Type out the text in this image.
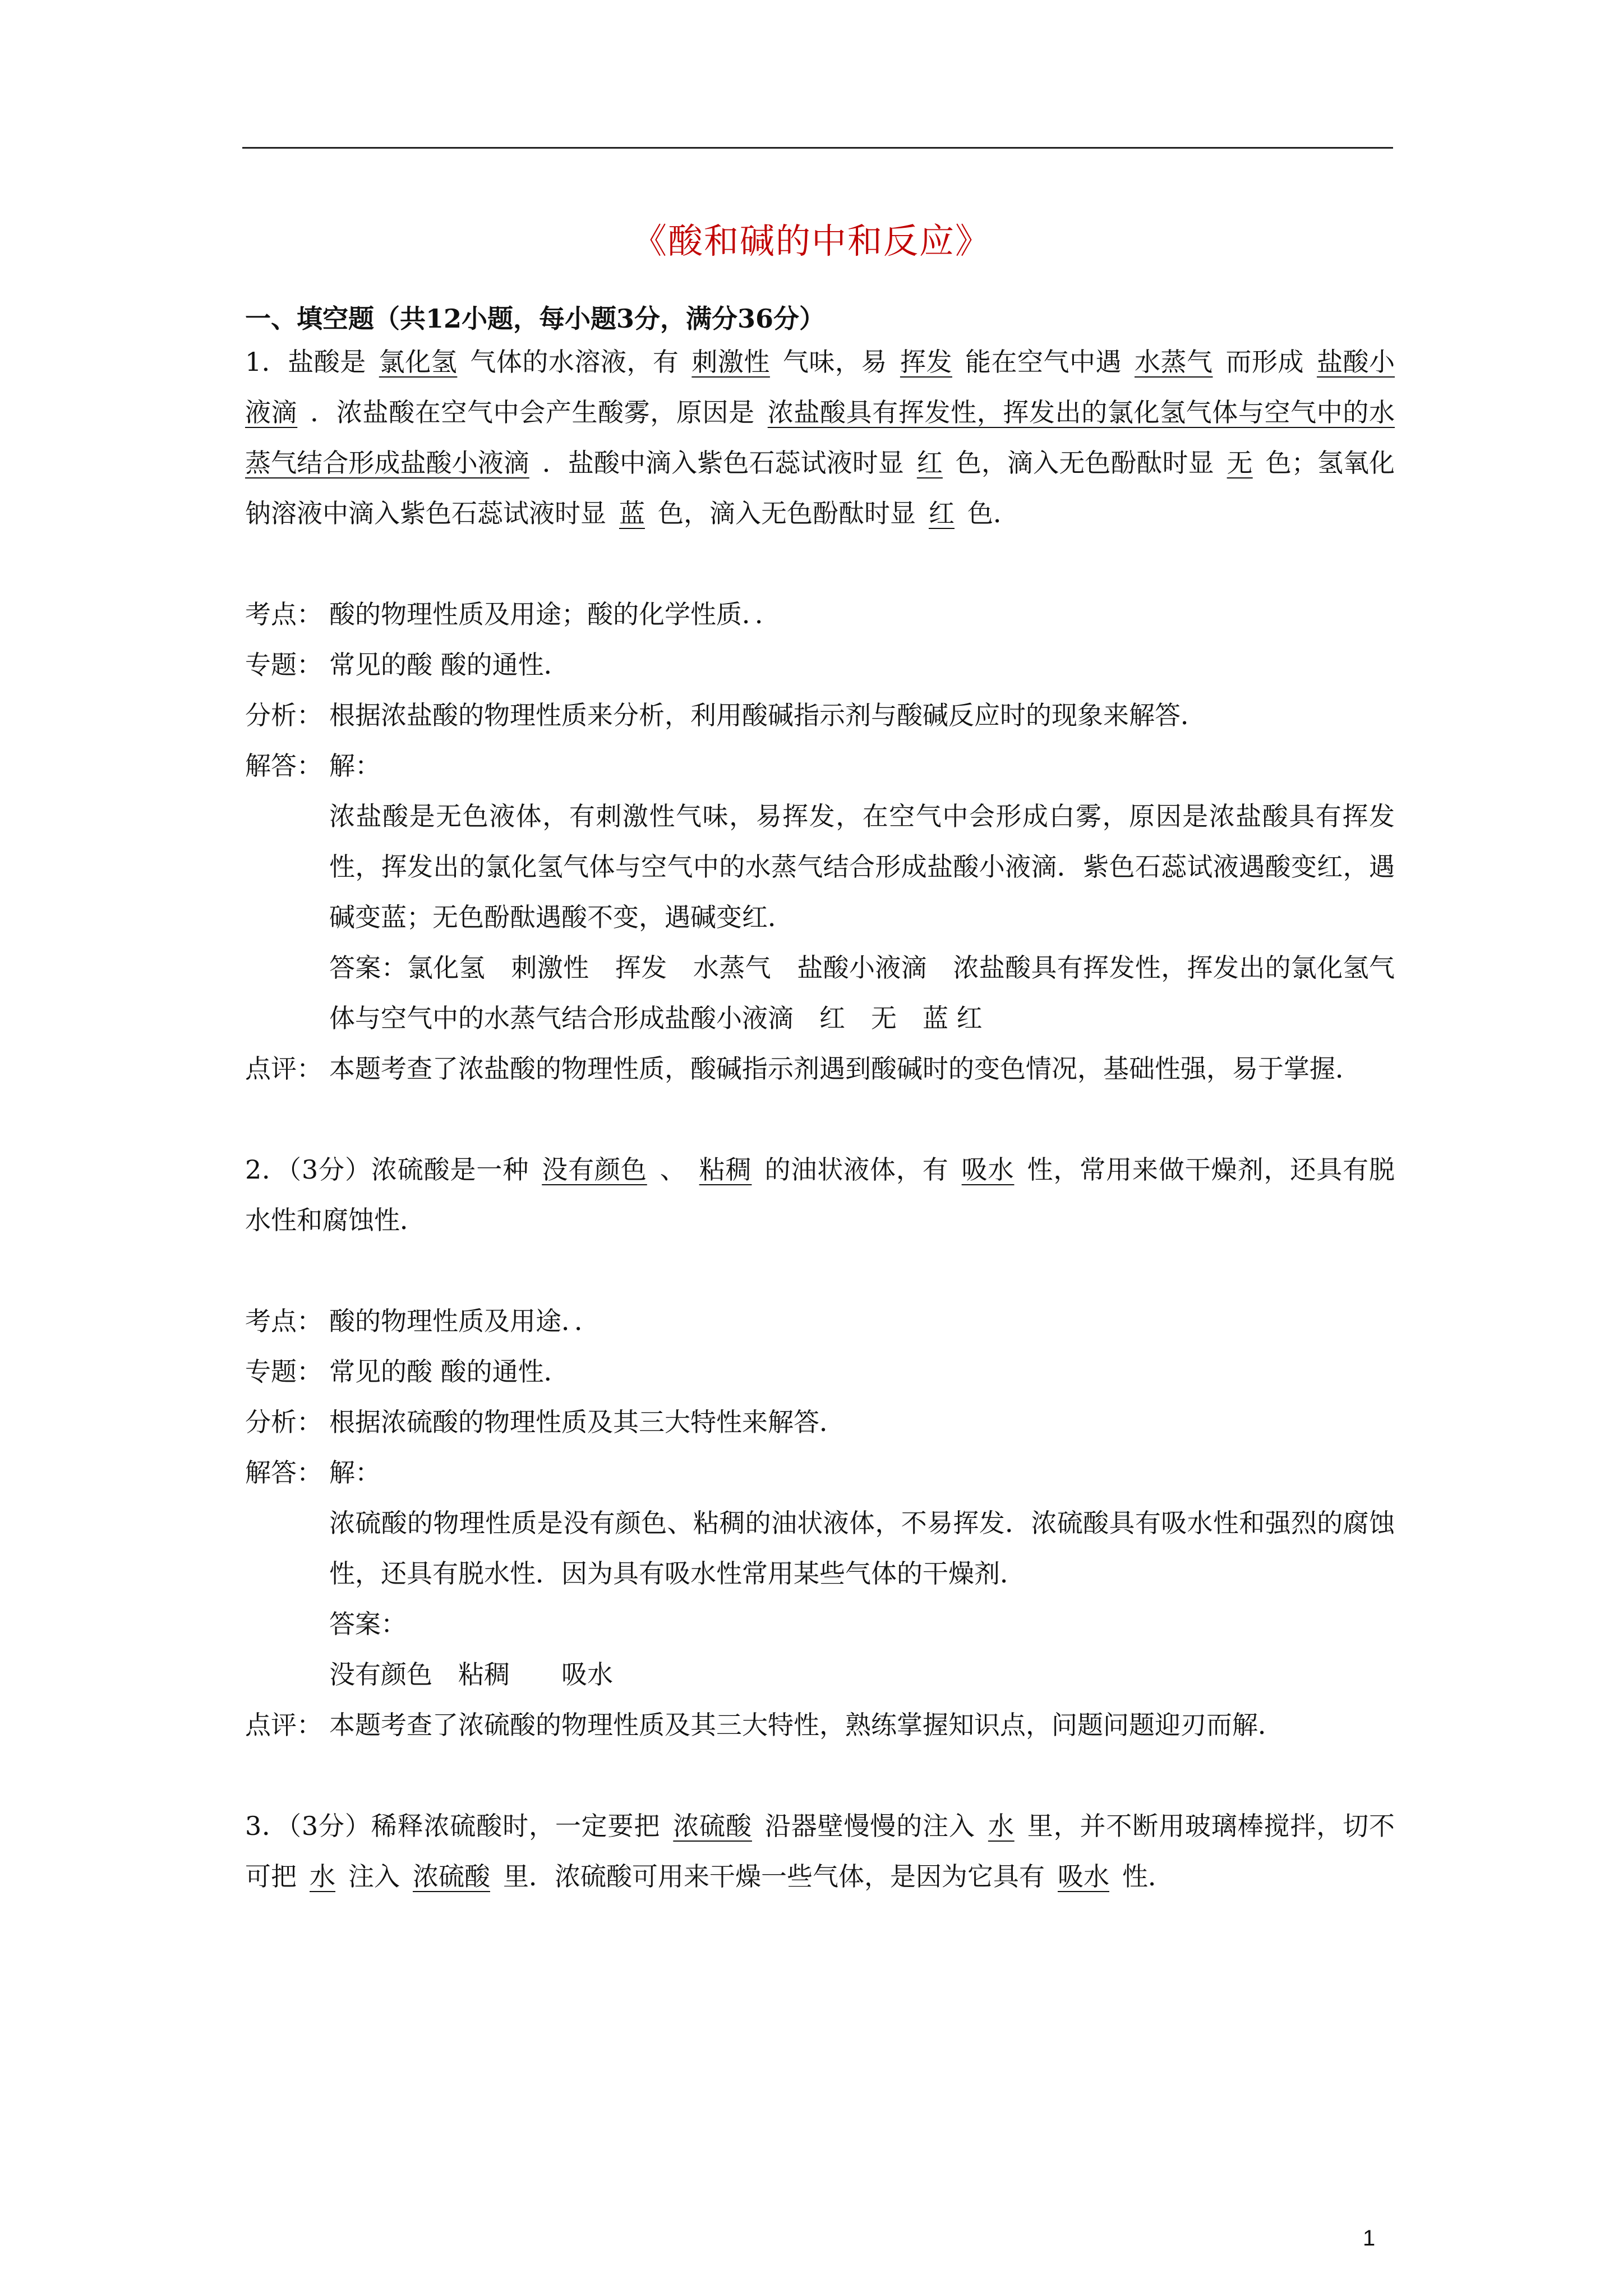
《酸和碱的中和反应》
一、填空题（共12小题，每小题3分，满分36分）

1．盐酸是 氯化氢 气体的水溶液，有 刺激性 气味，易 挥发 能在空气中遇 水蒸气 而形成 盐酸小液滴 ．浓盐酸在空气中会产生酸雾，原因是 浓盐酸具有挥发性，挥发出的氯化氢气体与空气中的水蒸气结合形成盐酸小液滴 ．盐酸中滴入紫色石蕊试液时显 红 色，滴入无色酚酞时显 无 色；氢氧化钠溶液中滴入紫色石蕊试液时显 蓝 色，滴入无色酚酞时显 红 色．

考点： 酸的物理性质及用途；酸的化学性质．．
专题： 常见的酸 酸的通性．
分析： 根据浓盐酸的物理性质来分析，利用酸碱指示剂与酸碱反应时的现象来解答．
解答： 解：

浓盐酸是无色液体，有刺激性气味，易挥发，在空气中会形成白雾，原因是浓盐酸具有挥发性，挥发出的氯化氢气体与空气中的水蒸气结合形成盐酸小液滴．紫色石蕊试液遇酸变红，遇碱变蓝；无色酚酞遇酸不变，遇碱变红．

答案：氯化氢　刺激性　挥发　水蒸气　盐酸小液滴　浓盐酸具有挥发性，挥发出的氯化氢气体与空气中的水蒸气结合形成盐酸小液滴　红　无　蓝 红

点评： 本题考查了浓盐酸的物理性质，酸碱指示剂遇到酸碱时的变色情况，基础性强，易于掌握．

2．（3分）浓硫酸是一种 没有颜色 、 粘稠 的油状液体，有 吸水 性，常用来做干燥剂，还具有脱水性和腐蚀性．

考点： 酸的物理性质及用途．．
专题： 常见的酸 酸的通性．
分析： 根据浓硫酸的物理性质及其三大特性来解答．
解答： 解：

浓硫酸的物理性质是没有颜色、粘稠的油状液体，不易挥发．浓硫酸具有吸水性和强烈的腐蚀性，还具有脱水性．因为具有吸水性常用某些气体的干燥剂．

答案：

没有颜色　粘稠　　吸水

点评： 本题考查了浓硫酸的物理性质及其三大特性，熟练掌握知识点，问题问题迎刃而解．

3．（3分）稀释浓硫酸时，一定要把 浓硫酸 沿器壁慢慢的注入 水 里，并不断用玻璃棒搅拌，切不可把 水 注入 浓硫酸 里．浓硫酸可用来干燥一些气体，是因为它具有 吸水 性．

1
